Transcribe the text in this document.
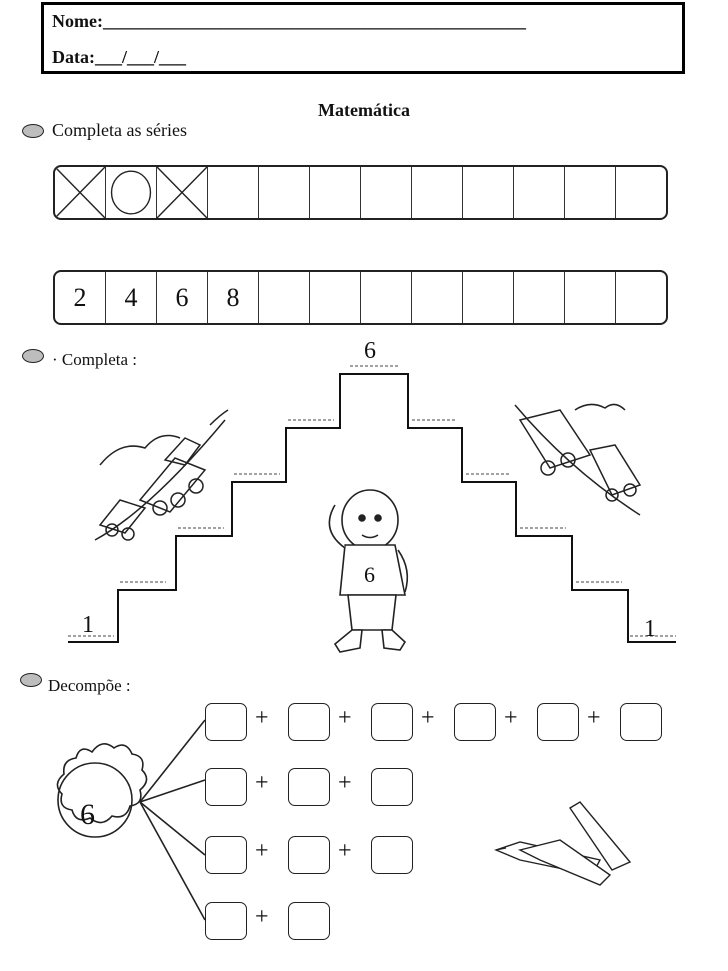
Nome:_______________________________________________
Data:___/___/___
Matemática
Completa as séries
2 4 6 8
· Completa :	6
1	1
6
Decompõe :
6
+	+	+	+	+
+	+
+	+
+
